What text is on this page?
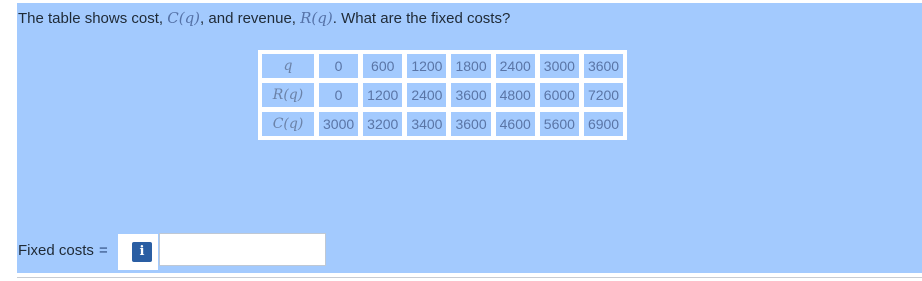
The table shows cost, C(q), and revenue, R(q). What are the fixed costs?
q	0	600	1200	1800	2400	3000	3600
R(q)	0	1200	2400	3600	4800	6000	7200
C(q)	3000	3200	3400	3600	4600	5600	6900
Fixed costs =	i
